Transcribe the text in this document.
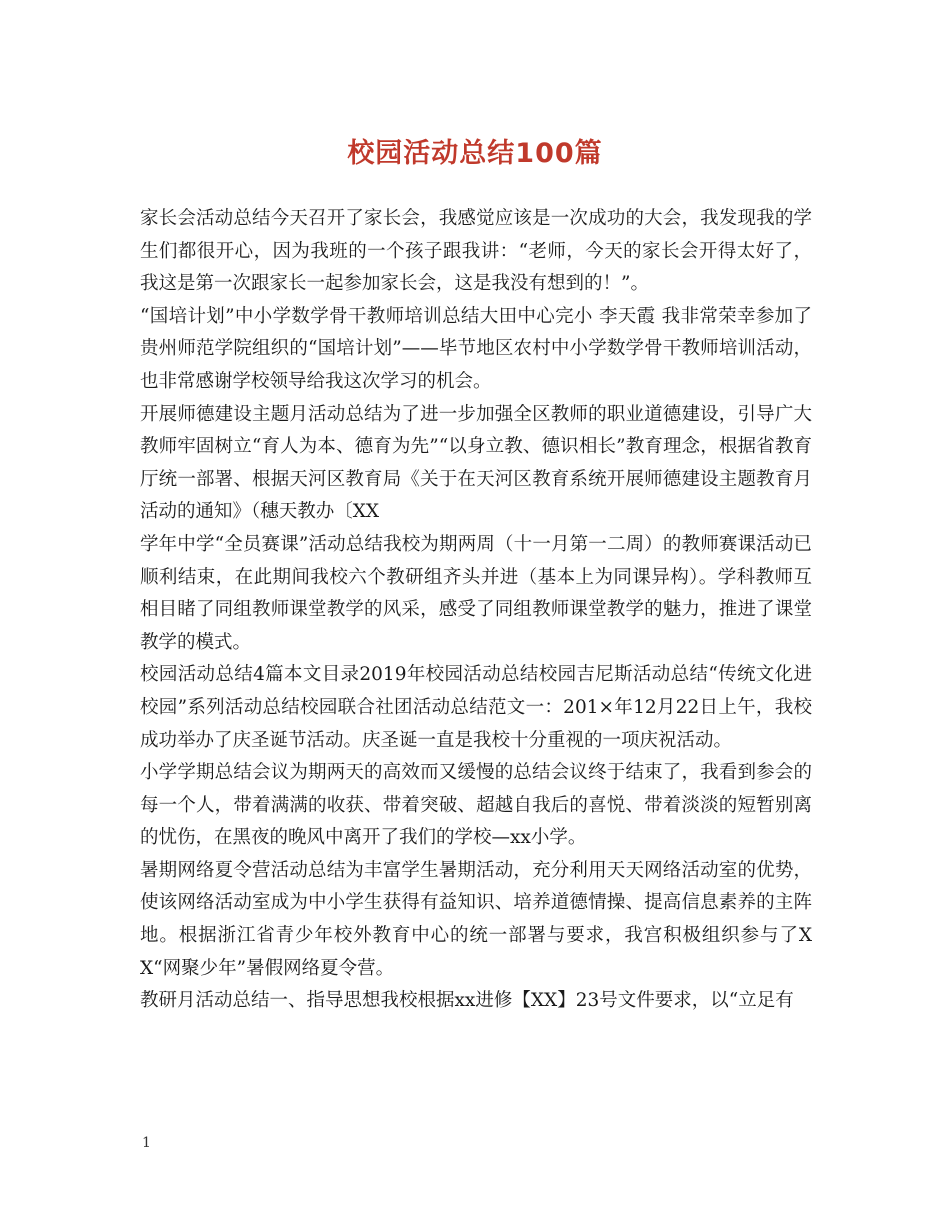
校园活动总结100篇

家长会活动总结今天召开了家长会，我感觉应该是一次成功的大会，我发现我的学生们都很开心，因为我班的一个孩子跟我讲：“老师，今天的家长会开得太好了，我这是第一次跟家长一起参加家长会，这是我没有想到的！”。

“国培计划”中小学数学骨干教师培训总结大田中心完小 李天霞 我非常荣幸参加了贵州师范学院组织的“国培计划”——毕节地区农村中小学数学骨干教师培训活动，也非常感谢学校领导给我这次学习的机会。

开展师德建设主题月活动总结为了进一步加强全区教师的职业道德建设，引导广大教师牢固树立“育人为本、德育为先”“以身立教、德识相长”教育理念，根据省教育厅统一部署、根据天河区教育局《关于在天河区教育系统开展师德建设主题教育月活动的通知》（穗天教办〔XX

学年中学“全员赛课”活动总结我校为期两周（十一月第一二周）的教师赛课活动已顺利结束，在此期间我校六个教研组齐头并进（基本上为同课异构）。学科教师互相目睹了同组教师课堂教学的风采，感受了同组教师课堂教学的魅力，推进了课堂教学的模式。

校园活动总结4篇本文目录2019年校园活动总结校园吉尼斯活动总结“传统文化进校园”系列活动总结校园联合社团活动总结范文一：201×年12月22日上午，我校成功举办了庆圣诞节活动。庆圣诞一直是我校十分重视的一项庆祝活动。

小学学期总结会议为期两天的高效而又缓慢的总结会议终于结束了，我看到参会的每一个人，带着满满的收获、带着突破、超越自我后的喜悦、带着淡淡的短暂别离的忧伤，在黑夜的晚风中离开了我们的学校—xx小学。

暑期网络夏令营活动总结为丰富学生暑期活动，充分利用天天网络活动室的优势，使该网络活动室成为中小学生获得有益知识、培养道德情操、提高信息素养的主阵地。根据浙江省青少年校外教育中心的统一部署与要求，我宫积极组织参与了XX“网聚少年”暑假网络夏令营。

教研月活动总结一、指导思想我校根据xx进修【XX】23号文件要求，以“立足有

1
